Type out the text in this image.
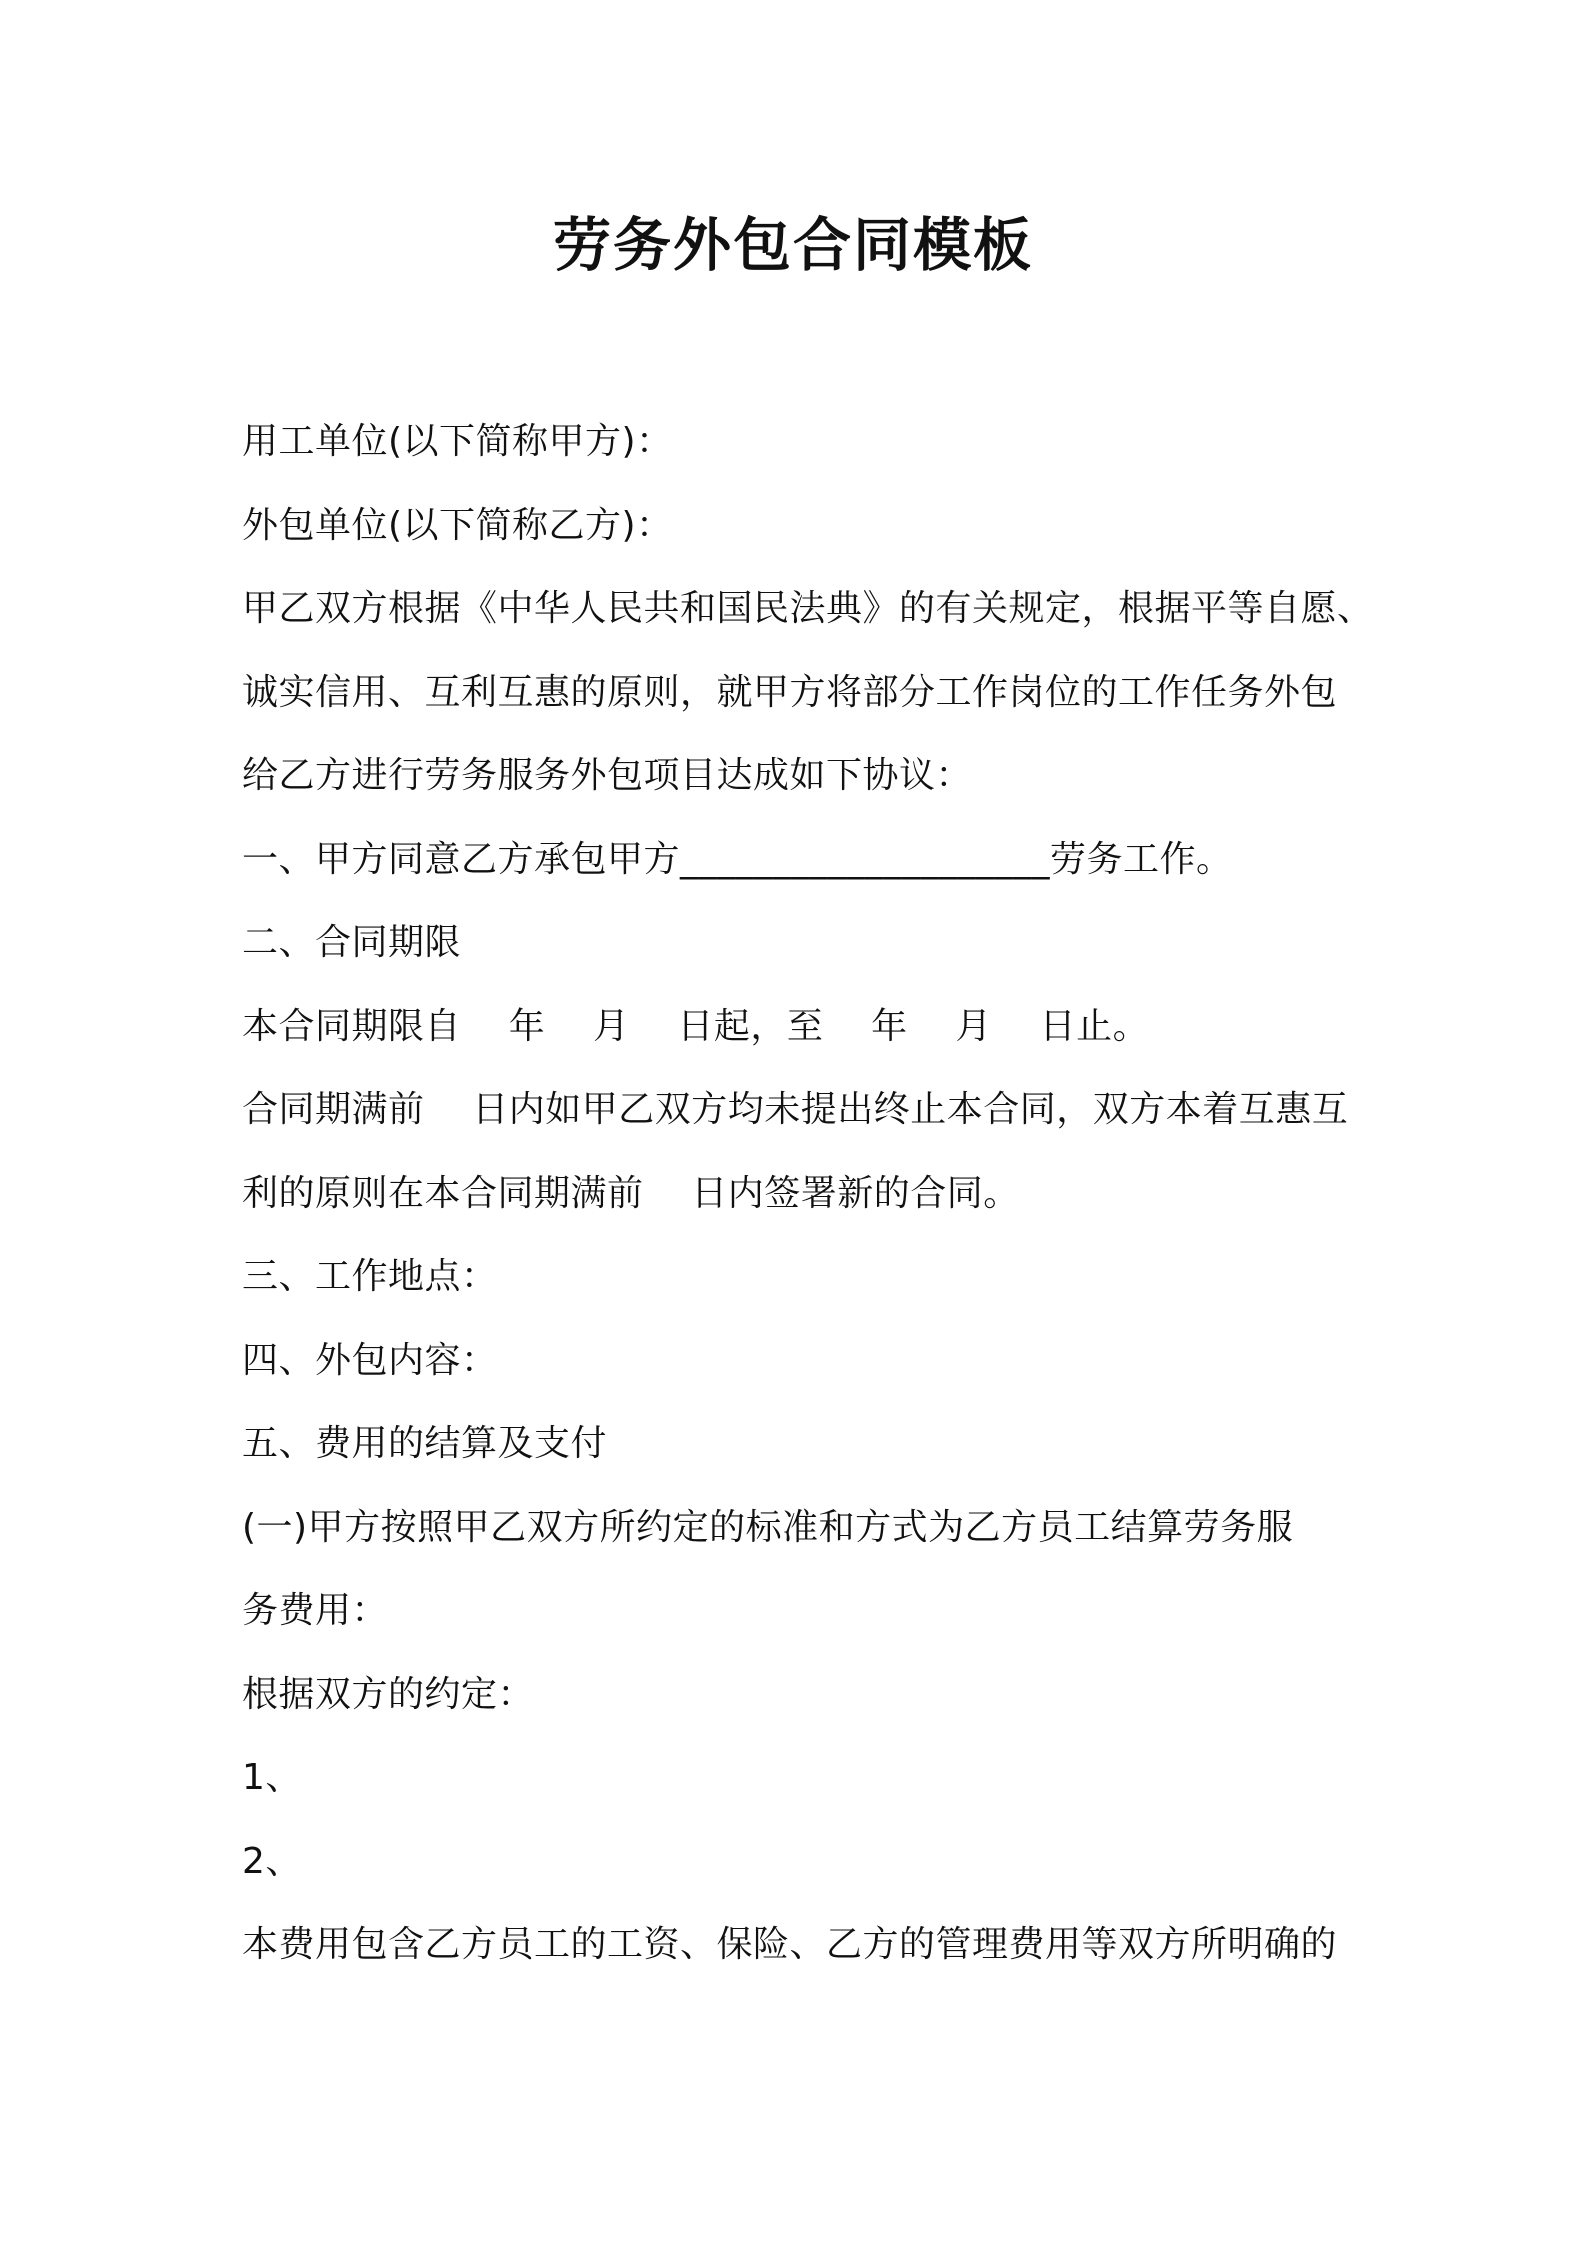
劳务外包合同模板
用工单位(以下简称甲方)：
外包单位(以下简称乙方)：
甲乙双方根据《中华人民共和国民法典》的有关规定，根据平等自愿、
诚实信用、互利互惠的原则，就甲方将部分工作岗位的工作任务外包
给乙方进行劳务服务外包项目达成如下协议：
一、甲方同意乙方承包甲方____________________劳务工作。
二、合同期限
本合同期限自    年    月    日起，至    年    月    日止。
合同期满前    日内如甲乙双方均未提出终止本合同，双方本着互惠互
利的原则在本合同期满前    日内签署新的合同。
三、工作地点：
四、外包内容：
五、费用的结算及支付
(一)甲方按照甲乙双方所约定的标准和方式为乙方员工结算劳务服
务费用：
根据双方的约定：
1、
2、
本费用包含乙方员工的工资、保险、乙方的管理费用等双方所明确的
